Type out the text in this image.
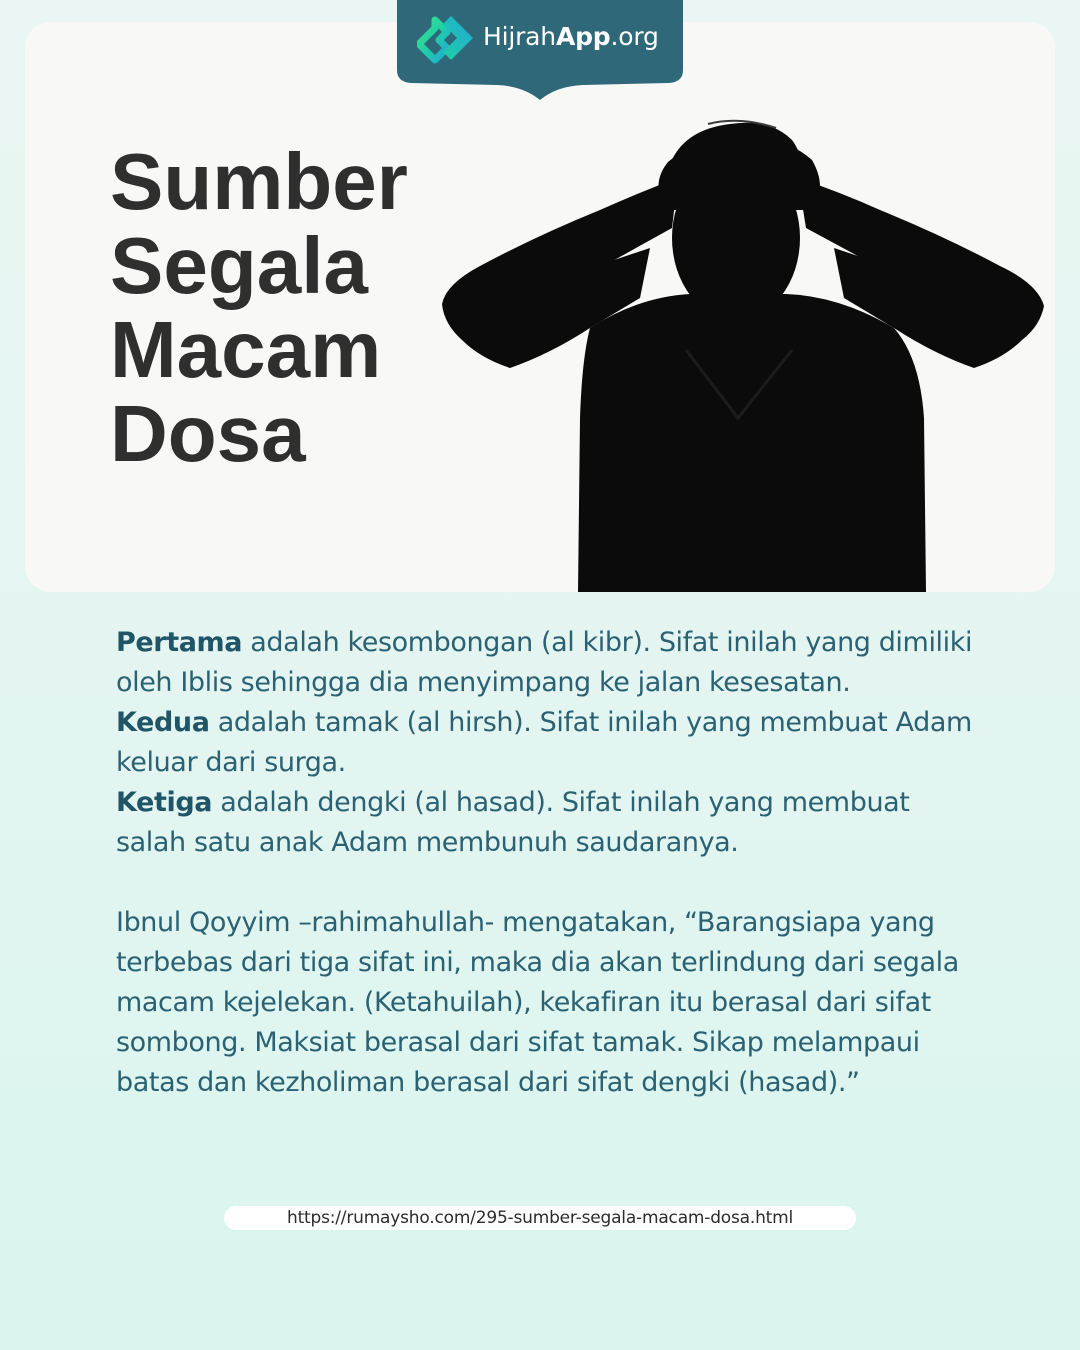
HijrahApp.org
Sumber
Segala
Macam
Dosa

Pertama adalah kesombongan (al kibr). Sifat inilah yang dimiliki oleh Iblis sehingga dia menyimpang ke jalan kesesatan.

Kedua adalah tamak (al hirsh). Sifat inilah yang membuat Adam keluar dari surga.

Ketiga adalah dengki (al hasad). Sifat inilah yang membuat salah satu anak Adam membunuh saudaranya.

Ibnul Qoyyim –rahimahullah- mengatakan, “Barangsiapa yang terbebas dari tiga sifat ini, maka dia akan terlindung dari segala macam kejelekan. (Ketahuilah), kekafiran itu berasal dari sifat sombong. Maksiat berasal dari sifat tamak. Sikap melampaui batas dan kezholiman berasal dari sifat dengki (hasad).”

https://rumaysho.com/295-sumber-segala-macam-dosa.html
